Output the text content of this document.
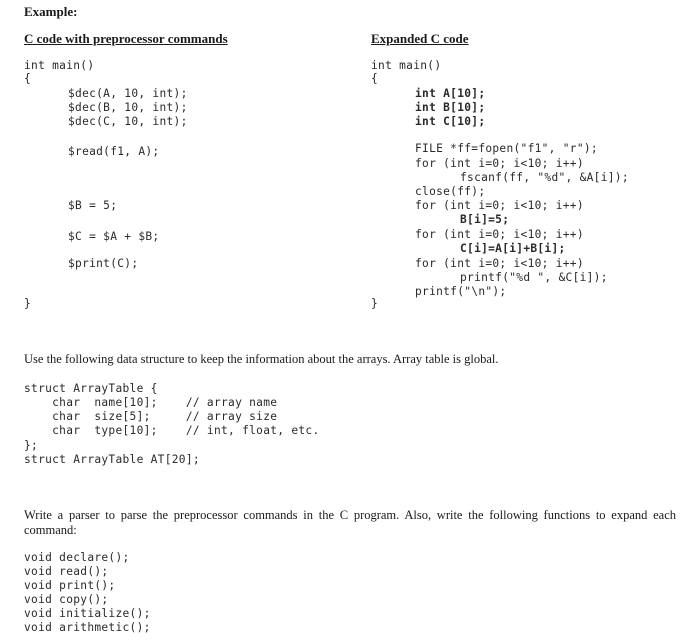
Example:
C code with preprocessor commands	Expanded C code
int main()
{
$dec(A, 10, int);
$dec(B, 10, int);
$dec(C, 10, int);
$read(f1, A);
$B = 5;
$C = $A + $B;
$print(C);
}
int main()
{
int A[10];
int B[10];
int C[10];
FILE *ff=fopen("f1", "r");
for (int i=0; i<10; i++)
fscanf(ff, "%d", &A[i]);
close(ff);
for (int i=0; i<10; i++)
B[i]=5;
for (int i=0; i<10; i++)
C[i]=A[i]+B[i];
for (int i=0; i<10; i++)
printf("%d ", &C[i]);
printf("\n");
}
Use the following data structure to keep the information about the arrays. Array table is global.
struct ArrayTable {
char  name[10];    // array name
char  size[5];     // array size
char  type[10];    // int, float, etc.
};
struct ArrayTable AT[20];
Write a parser to parse the preprocessor commands in the C program. Also, write the following functions to expand each command:
void declare();
void read();
void print();
void copy();
void initialize();
void arithmetic();
